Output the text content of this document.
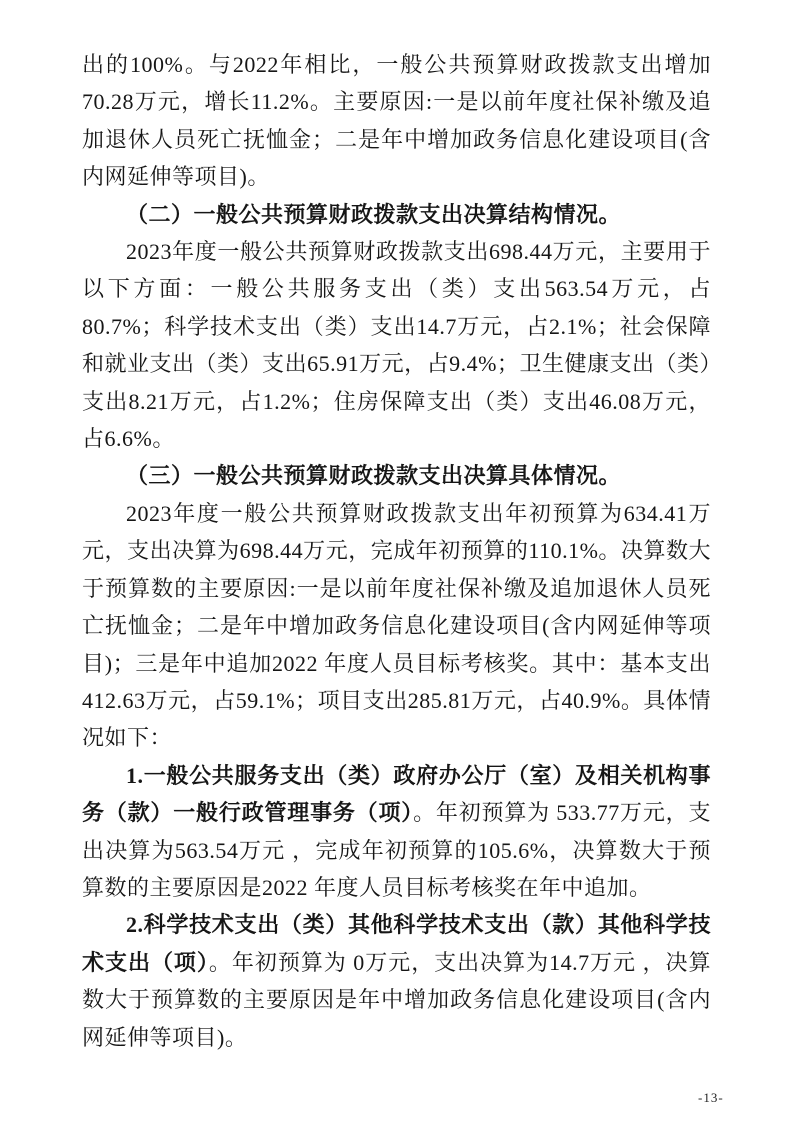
出的100%。与2022年相比，一般公共预算财政拨款支出增加70.28万元，增长11.2%。主要原因:一是以前年度社保补缴及追加退休人员死亡抚恤金；二是年中增加政务信息化建设项目(含内网延伸等项目)。

（二）一般公共预算财政拨款支出决算结构情况。

2023年度一般公共预算财政拨款支出698.44万元，主要用于以下方面：一般公共服务支出（类）支出563.54万元，占80.7%；科学技术支出（类）支出14.7万元，占2.1%；社会保障和就业支出（类）支出65.91万元，占9.4%；卫生健康支出（类）支出8.21万元，占1.2%；住房保障支出（类）支出46.08万元，占6.6%。

（三）一般公共预算财政拨款支出决算具体情况。

2023年度一般公共预算财政拨款支出年初预算为634.41万元，支出决算为698.44万元，完成年初预算的110.1%。决算数大于预算数的主要原因:一是以前年度社保补缴及追加退休人员死亡抚恤金；二是年中增加政务信息化建设项目(含内网延伸等项目)；三是年中追加2022 年度人员目标考核奖。其中：基本支出412.63万元，占59.1%；项目支出285.81万元，占40.9%。具体情况如下：

1.一般公共服务支出（类）政府办公厅（室）及相关机构事务（款）一般行政管理事务（项）。年初预算为 533.77万元，支出决算为563.54万元 ，完成年初预算的105.6%，决算数大于预算数的主要原因是2022 年度人员目标考核奖在年中追加。

2.科学技术支出（类）其他科学技术支出（款）其他科学技术支出（项）。年初预算为 0万元，支出决算为14.7万元 ，决算数大于预算数的主要原因是年中增加政务信息化建设项目(含内网延伸等项目)。

-13-
